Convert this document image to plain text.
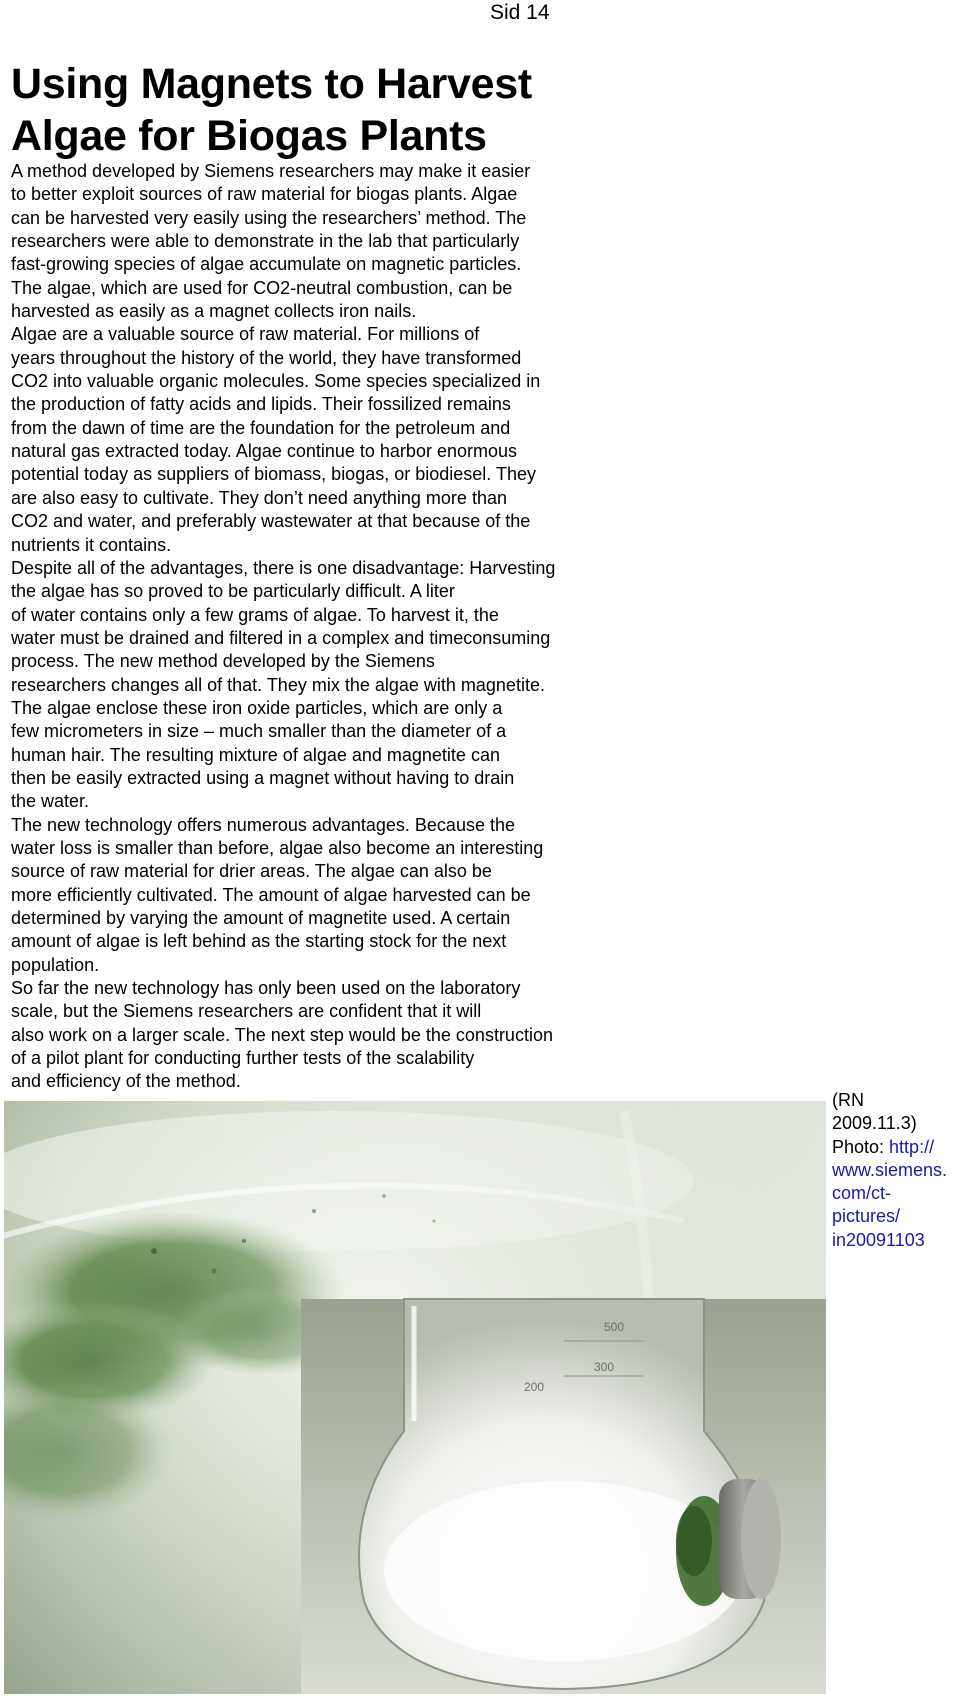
Sid 14
Using Magnets to Harvest
Algae for Biogas Plants

A method developed by Siemens researchers may make it easier
to better exploit sources of raw material for biogas plants. Algae
can be harvested very easily using the researchers’ method. The
researchers were able to demonstrate in the lab that particularly
fast-growing species of algae accumulate on magnetic particles.
The algae, which are used for CO2-neutral combustion, can be
harvested as easily as a magnet collects iron nails.

Algae are a valuable source of raw material. For millions of
years throughout the history of the world, they have transformed
CO2 into valuable organic molecules. Some species specialized in
the production of fatty acids and lipids. Their fossilized remains
from the dawn of time are the foundation for the petroleum and
natural gas extracted today. Algae continue to harbor enormous
potential today as suppliers of biomass, biogas, or biodiesel. They
are also easy to cultivate. They don’t need anything more than
CO2 and water, and preferably wastewater at that because of the
nutrients it contains.

Despite all of the advantages, there is one disadvantage: Harvesting
the algae has so proved to be particularly difficult. A liter
of water contains only a few grams of algae. To harvest it, the
water must be drained and filtered in a complex and timeconsuming
process. The new method developed by the Siemens
researchers changes all of that. They mix the algae with magnetite.
The algae enclose these iron oxide particles, which are only a
few micrometers in size – much smaller than the diameter of a
human hair. The resulting mixture of algae and magnetite can
then be easily extracted using a magnet without having to drain
the water.

The new technology offers numerous advantages. Because the
water loss is smaller than before, algae also become an interesting
source of raw material for drier areas. The algae can also be
more efficiently cultivated. The amount of algae harvested can be
determined by varying the amount of magnetite used. A certain
amount of algae is left behind as the starting stock for the next
population.

So far the new technology has only been used on the laboratory
scale, but the Siemens researchers are confident that it will
also work on a larger scale. The next step would be the construction
of a pilot plant for conducting further tests of the scalability
and efficiency of the method.

500
300
200
(RN
2009.11.3)
Photo: http://
www.siemens.
com/ct-
pictures/
in20091103
